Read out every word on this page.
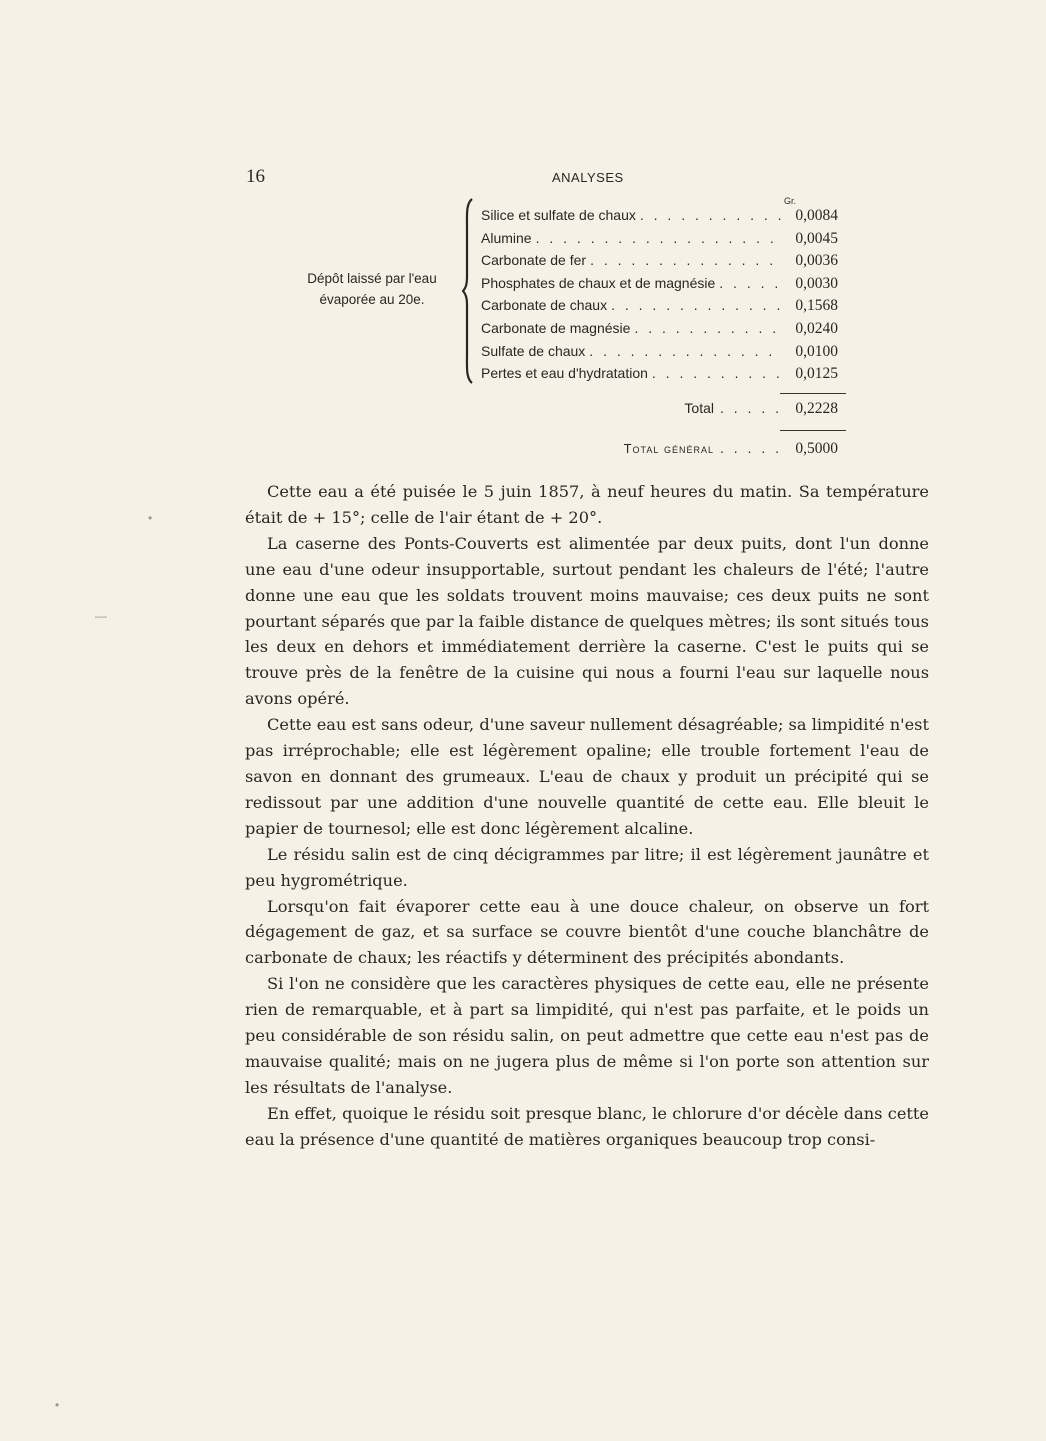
16	ANALYSES
Dépôt laissé par l'eau évaporée au 20e.
Gr.
Silice et sulfate de chaux . . .	0,0084
Alumine . . .	0,0045
Carbonate de fer . . .	0,0036
Phosphates de chaux et de magnésie . . .	0,0030
Carbonate de chaux . . .	0,1568
Carbonate de magnésie . . .	0,0240
Sulfate de chaux . . .	0,0100
Pertes et eau d'hydratation . . .	0,0125
Total . . . . . 0,2228
Total général . . . . . 0,5000
•
—
•

Cette eau a été puisée le 5 juin 1857, à neuf heures du matin. Sa température était de + 15°; celle de l'air étant de + 20°.

La caserne des Ponts-Couverts est alimentée par deux puits, dont l'un donne une eau d'une odeur insupportable, surtout pendant les chaleurs de l'été; l'autre donne une eau que les soldats trouvent moins mauvaise; ces deux puits ne sont pourtant séparés que par la faible distance de quelques mètres; ils sont situés tous les deux en dehors et immédiatement derrière la caserne. C'est le puits qui se trouve près de la fenêtre de la cuisine qui nous a fourni l'eau sur laquelle nous avons opéré.

Cette eau est sans odeur, d'une saveur nullement désagréable; sa limpidité n'est pas irréprochable; elle est légèrement opaline; elle trouble fortement l'eau de savon en donnant des grumeaux. L'eau de chaux y produit un précipité qui se redissout par une addition d'une nouvelle quantité de cette eau. Elle bleuit le papier de tournesol; elle est donc légèrement alcaline.

Le résidu salin est de cinq décigrammes par litre; il est légèrement jaunâtre et peu hygrométrique.

Lorsqu'on fait évaporer cette eau à une douce chaleur, on observe un fort dégagement de gaz, et sa surface se couvre bientôt d'une couche blanchâtre de carbonate de chaux; les réactifs y déterminent des précipités abondants.

Si l'on ne considère que les caractères physiques de cette eau, elle ne présente rien de remarquable, et à part sa limpidité, qui n'est pas parfaite, et le poids un peu considérable de son résidu salin, on peut admettre que cette eau n'est pas de mauvaise qualité; mais on ne jugera plus de même si l'on porte son attention sur les résultats de l'analyse.

En effet, quoique le résidu soit presque blanc, le chlorure d'or décèle dans cette eau la présence d'une quantité de matières organiques beaucoup trop consi-
